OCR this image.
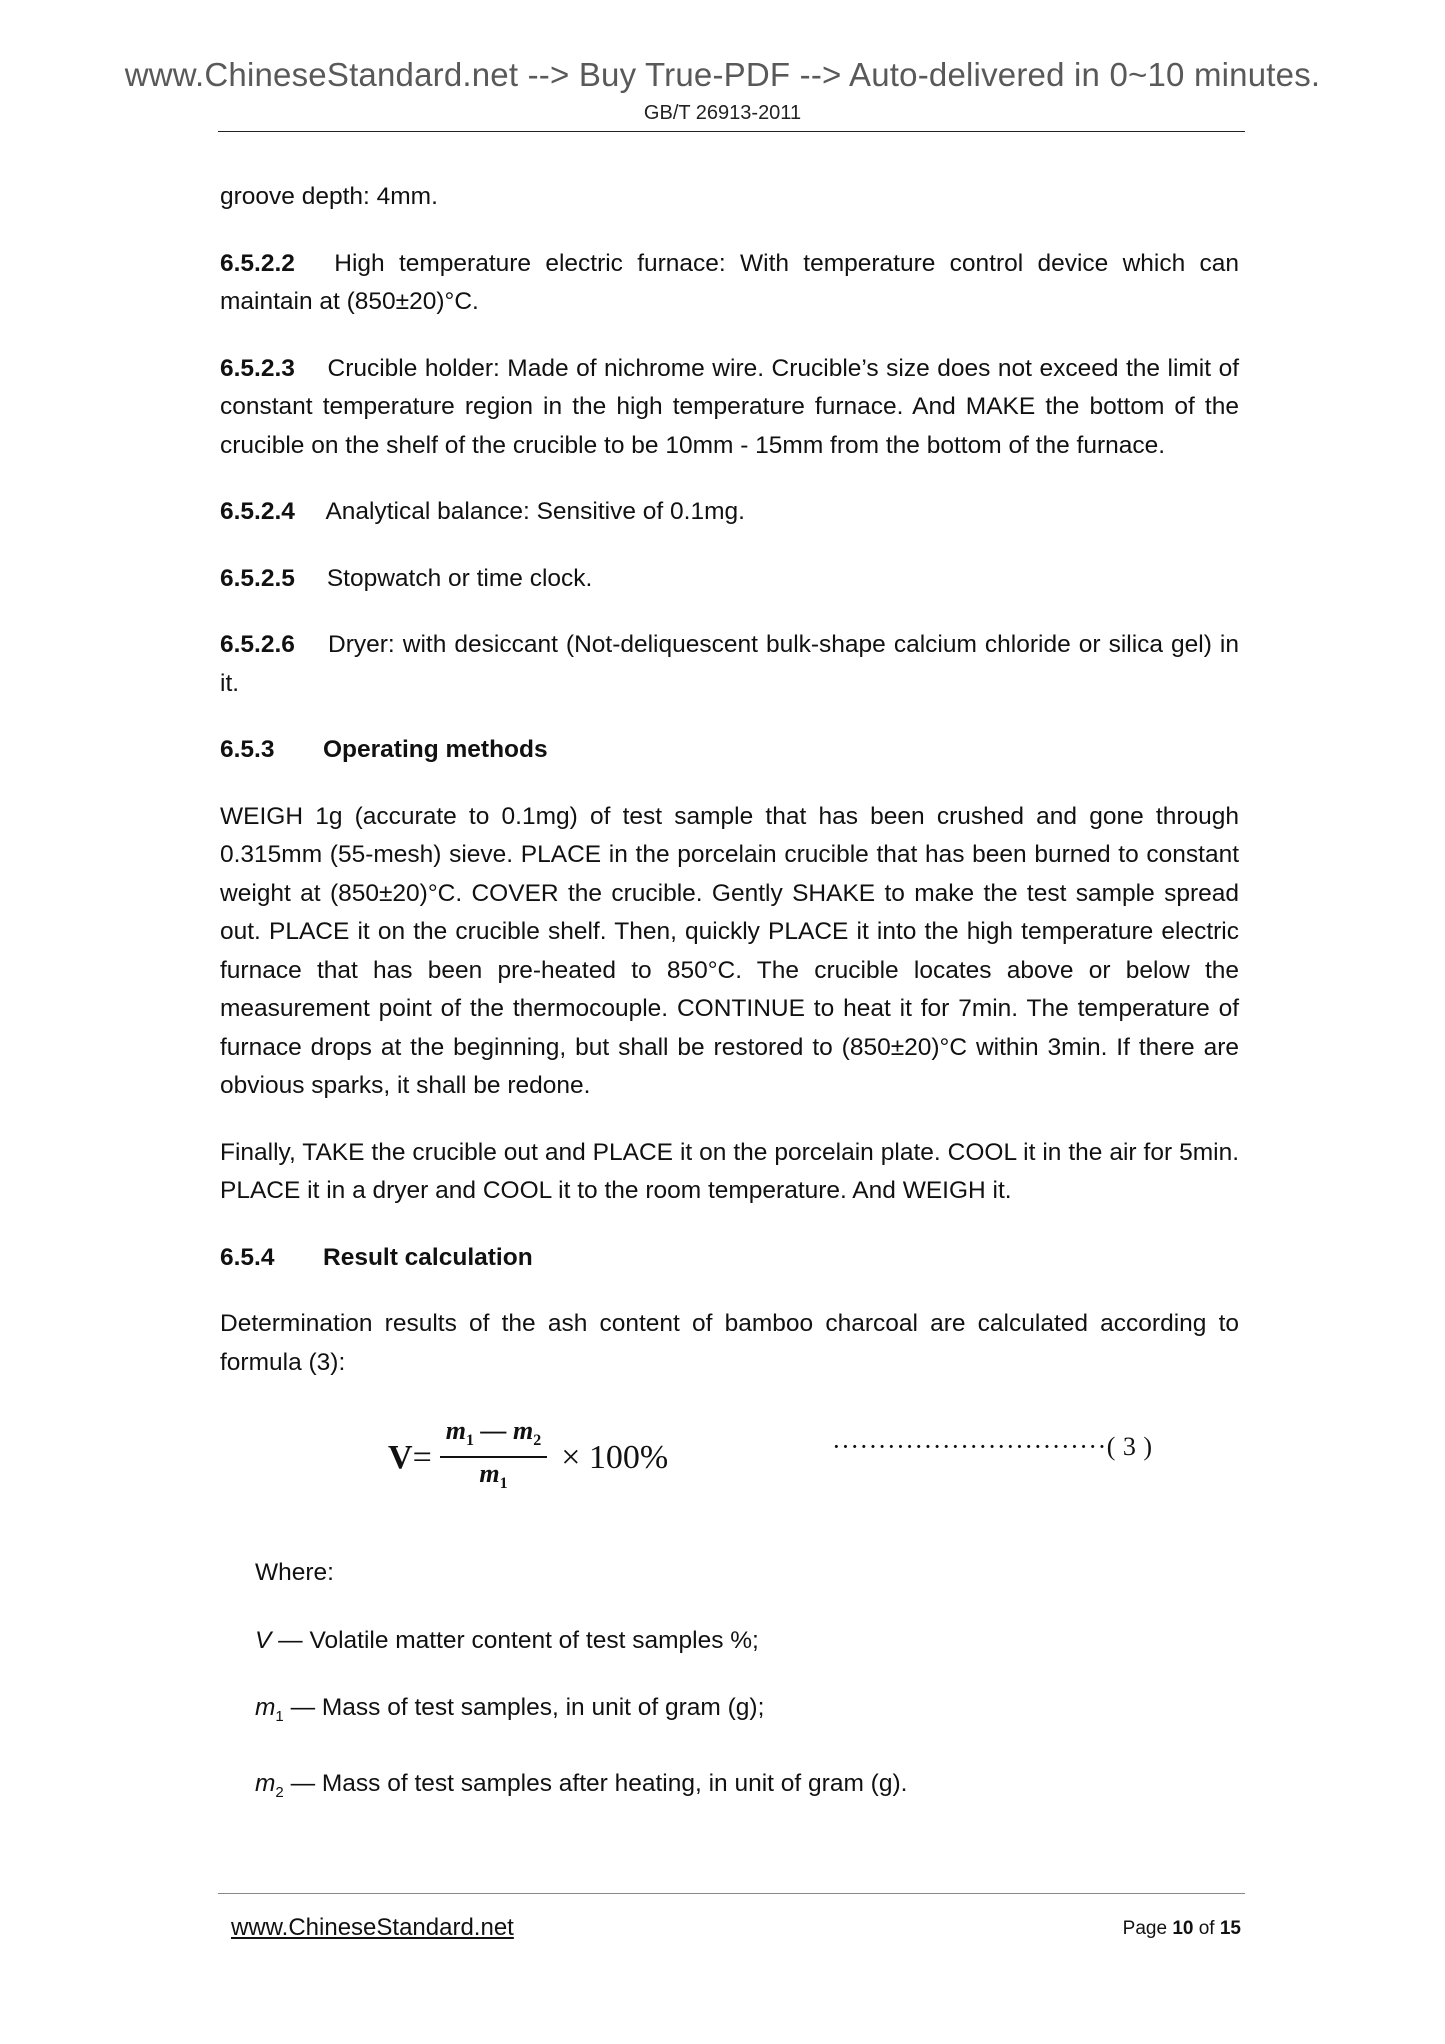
www.ChineseStandard.net --> Buy True-PDF --> Auto-delivered in 0~10 minutes.
GB/T 26913-2011

groove depth: 4mm.

6.5.2.2 High temperature electric furnace: With temperature control device which can maintain at (850±20)°C.

6.5.2.3 Crucible holder: Made of nichrome wire. Crucible’s size does not exceed the limit of constant temperature region in the high temperature furnace. And MAKE the bottom of the crucible on the shelf of the crucible to be 10mm - 15mm from the bottom of the furnace.

6.5.2.4 Analytical balance: Sensitive of 0.1mg.

6.5.2.5 Stopwatch or time clock.

6.5.2.6 Dryer: with desiccant (Not-deliquescent bulk-shape calcium chloride or silica gel) in it.

6.5.3 Operating methods

WEIGH 1g (accurate to 0.1mg) of test sample that has been crushed and gone through 0.315mm (55-mesh) sieve. PLACE in the porcelain crucible that has been burned to constant weight at (850±20)°C. COVER the crucible. Gently SHAKE to make the test sample spread out. PLACE it on the crucible shelf. Then, quickly PLACE it into the high temperature electric furnace that has been pre-heated to 850°C. The crucible locates above or below the measurement point of the thermocouple. CONTINUE to heat it for 7min. The temperature of furnace drops at the beginning, but shall be restored to (850±20)°C within 3min. If there are obvious sparks, it shall be redone.

Finally, TAKE the crucible out and PLACE it on the porcelain plate. COOL it in the air for 5min. PLACE it in a dryer and COOL it to the room temperature. And WEIGH it.

6.5.4 Result calculation

Determination results of the ash content of bamboo charcoal are calculated according to formula (3):

$V = \frac{m_1 — m_2}{m_1} \times 100\%$	······························( 3 )

Where:

V — Volatile matter content of test samples %;

$m_1$ — Mass of test samples, in unit of gram (g);

$m_2$ — Mass of test samples after heating, in unit of gram (g).

www.ChineseStandard.net	Page 10 of 15
